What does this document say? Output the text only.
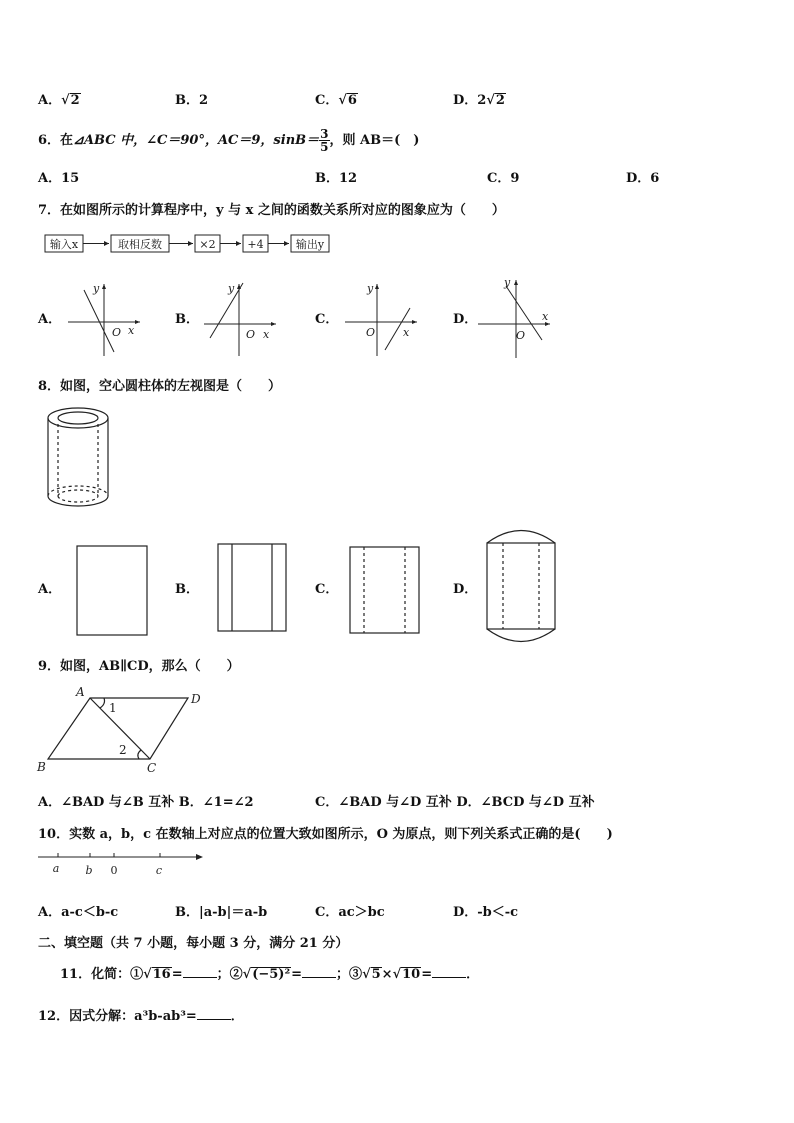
A．√2	B．2	C．√6	D．2√2
6．在⊿ABC 中，∠C＝90°，AC＝9，$\sin B= \frac{3}{5}$ ，则 AB＝(　)
A．15	B．12	C．9	D．6
7．在如图所示的计算程序中，y 与 x 之间的函数关系所对应的图象应为（　　）
输入x	取相反数	×2	+4	输出y
A．	B．	C．	D．
y
O x
y
O x
y
O	x
y
O
x
8．如图，空心圆柱体的左视图是（　　）
A．	B．	C．	D．
9．如图，AB∥CD，那么（　　）
A	D
B	C
1
2
A．∠BAD 与∠B 互补 B．∠1=∠2	C．∠BAD 与∠D 互补 D．∠BCD 与∠D 互补
10．实数 a，b，c 在数轴上对应点的位置大致如图所示，O 为原点，则下列关系式正确的是(　　)
a b 0	c
A．a-c＜b-c	B．|a-b|＝a-b	C．ac＞bc	D．-b＜-c
二、填空题（共 7 小题，每小题 3 分，满分 21 分）
11．化简：①√16=	；②√(−5)²=	；③√5×√10=	．
12．因式分解：a³b-ab³=	．
